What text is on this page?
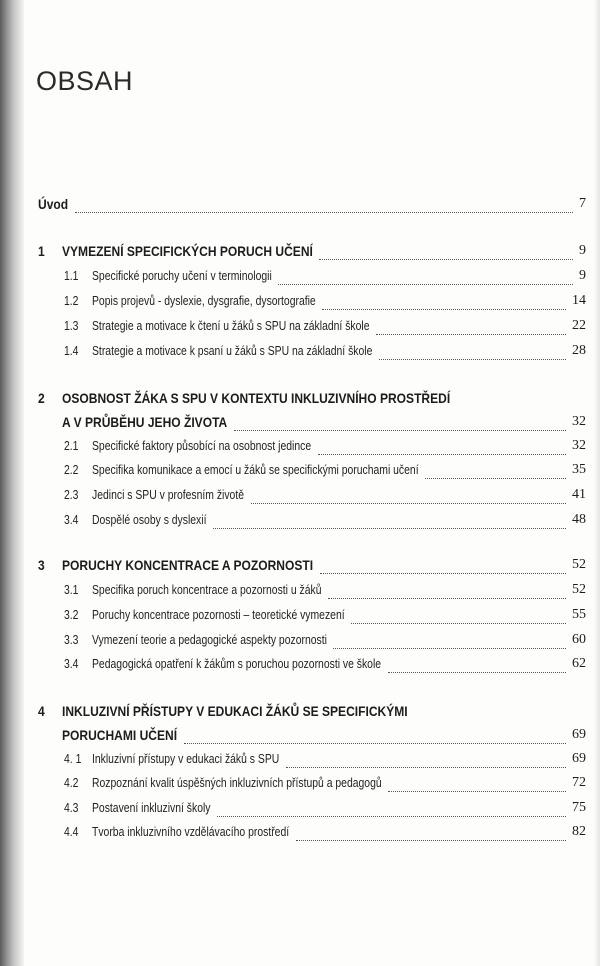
OBSAH
Úvod	7
1 VYMEZENÍ SPECIFICKÝCH PORUCH UČENÍ	9
1.1 Specifické poruchy učení v terminologii	9
1.2 Popis projevů - dyslexie, dysgrafie, dysortografie	14
1.3 Strategie a motivace k čtení u žáků s SPU na základní škole	22
1.4 Strategie a motivace k psaní u žáků s SPU na základní škole	28
2 OSOBNOST ŽÁKA S SPU V KONTEXTU INKLUZIVNÍHO PROSTŘEDÍ
A V PRŮBĚHU JEHO ŽIVOTA	32
2.1 Specifické faktory působící na osobnost jedince	32
2.2 Specifika komunikace a emocí u žáků se specifickými poruchami učení	35
2.3 Jedinci s SPU v profesním životě	41
3.4 Dospělé osoby s dyslexií	48
3 PORUCHY KONCENTRACE A POZORNOSTI	52
3.1 Specifika poruch koncentrace a pozornosti u žáků	52
3.2 Poruchy koncentrace pozornosti – teoretické vymezení	55
3.3 Vymezení teorie a pedagogické aspekty pozornosti	60
3.4 Pedagogická opatření k žákům s poruchou pozornosti ve škole	62
4 INKLUZIVNÍ PŘÍSTUPY V EDUKACI ŽÁKŮ SE SPECIFICKÝMI
PORUCHAMI UČENÍ	69
4. 1 Inkluzivní přístupy v edukaci žáků s SPU	69
4.2 Rozpoznání kvalit úspěšných inkluzivních přístupů a pedagogů	72
4.3 Postavení inkluzivní školy	75
4.4 Tvorba inkluzivního vzdělávacího prostředí	82
